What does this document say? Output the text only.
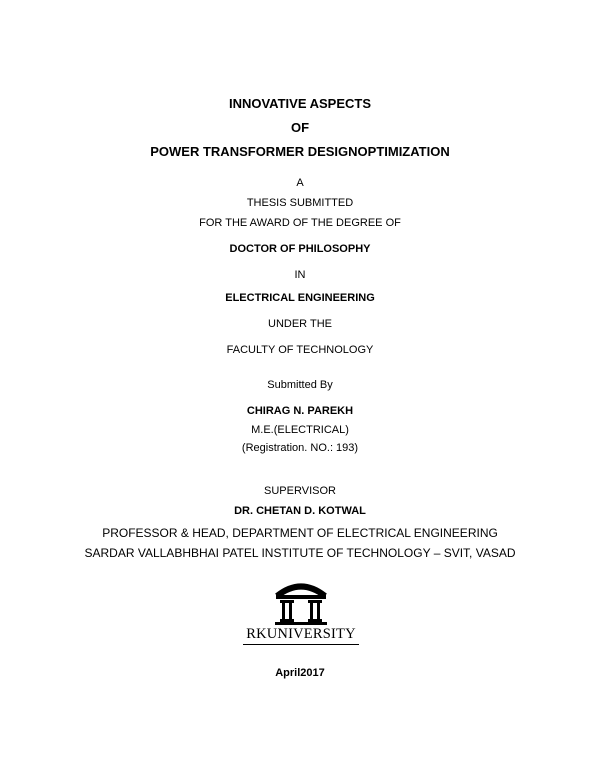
INNOVATIVE ASPECTS
OF
POWER TRANSFORMER DESIGNOPTIMIZATION
A
THESIS SUBMITTED
FOR THE AWARD OF THE DEGREE OF
DOCTOR OF PHILOSOPHY
IN
ELECTRICAL ENGINEERING
UNDER THE
FACULTY OF TECHNOLOGY
Submitted By
CHIRAG N. PAREKH
M.E.(ELECTRICAL)
(Registration. NO.: 193)
SUPERVISOR
DR. CHETAN D. KOTWAL
PROFESSOR & HEAD, DEPARTMENT OF ELECTRICAL ENGINEERING
SARDAR VALLABHBHAI PATEL INSTITUTE OF TECHNOLOGY – SVIT, VASAD
RKUNIVERSITY
April2017
